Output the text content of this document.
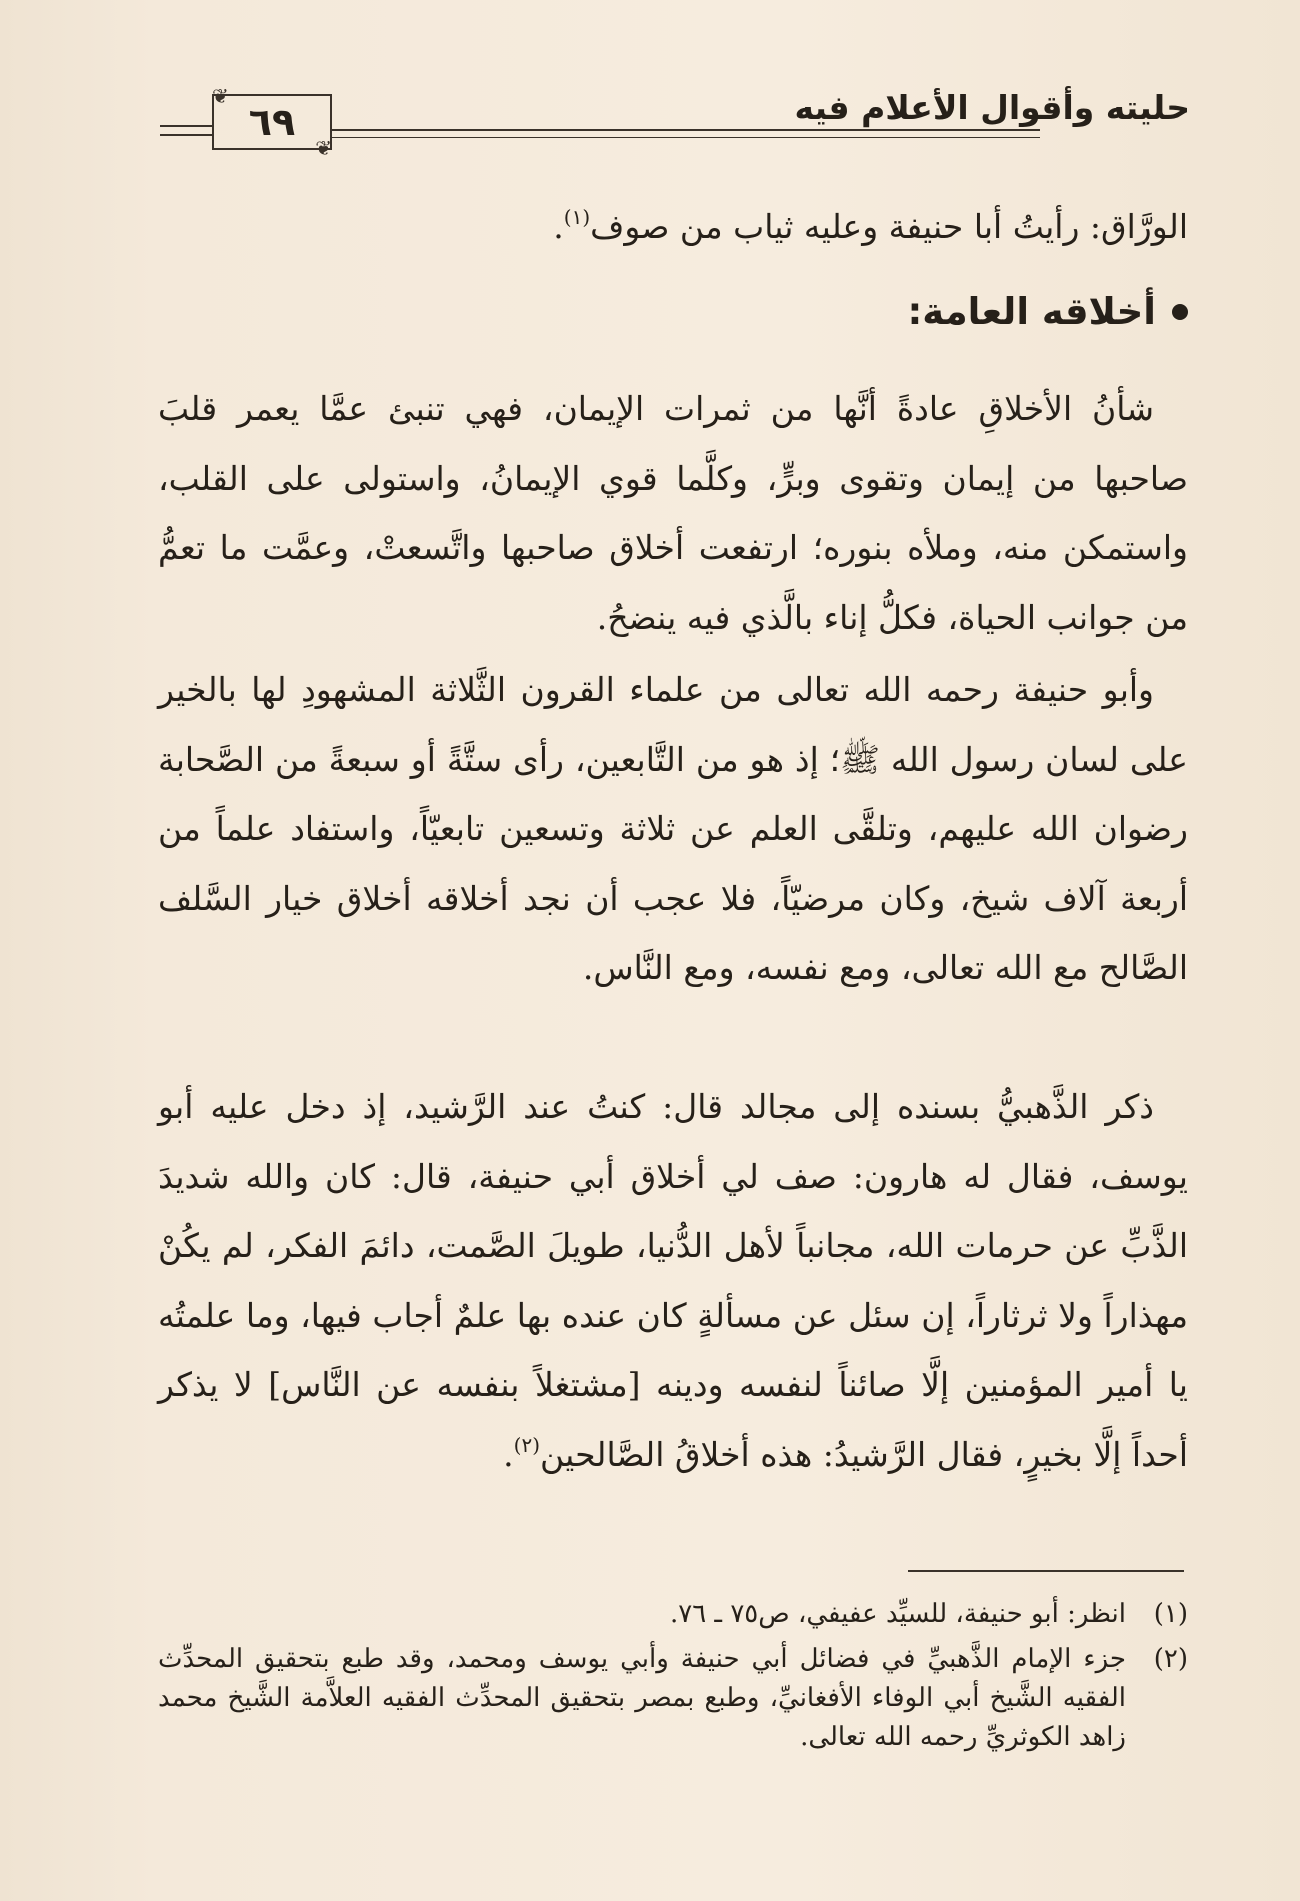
❦
٦٩
❦
حليته وأقوال الأعلام فيه

الورَّاق: رأيتُ أبا حنيفة وعليه ثياب من صوف$^{(١)}$.

أخلاقه العامة:

شأنُ الأخلاقِ عادةً أنَّها من ثمرات الإيمان، فهي تنبئ عمَّا يعمر قلبَ صاحبها من إيمان وتقوى وبرٍّ، وكلَّما قوي الإيمانُ، واستولى على القلب، واستمكن منه، وملأه بنوره؛ ارتفعت أخلاق صاحبها واتَّسعتْ، وعمَّت ما تعمُّ من جوانب الحياة، فكلُّ إناء بالَّذي فيه ينضحُ.

وأبو حنيفة رحمه الله تعالى من علماء القرون الثَّلاثة المشهودِ لها بالخير على لسان رسول الله ﷺ؛ إذ هو من التَّابعين، رأى ستَّةً أو سبعةً من الصَّحابة رضوان الله عليهم، وتلقَّى العلم عن ثلاثة وتسعين تابعيّاً، واستفاد علماً من أربعة آلاف شيخ، وكان مرضيّاً، فلا عجب أن نجد أخلاقه أخلاق خيار السَّلف الصَّالح مع الله تعالى، ومع نفسه، ومع النَّاس.

ذكر الذَّهبيُّ بسنده إلى مجالد قال: كنتُ عند الرَّشيد، إذ دخل عليه أبو يوسف، فقال له هارون: صف لي أخلاق أبي حنيفة، قال: كان والله شديدَ الذَّبِّ عن حرمات الله، مجانباً لأهل الدُّنيا، طويلَ الصَّمت، دائمَ الفكر، لم يكُنْ مهذاراً ولا ثرثاراً، إن سئل عن مسألةٍ كان عنده بها علمٌ أجاب فيها، وما علمتُه يا أمير المؤمنين إلَّا صائناً لنفسه ودينه [مشتغلاً بنفسه عن النَّاس] لا يذكر أحداً إلَّا بخيرٍ، فقال الرَّشيدُ: هذه أخلاقُ الصَّالحين$^{(٢)}$.

(١)
انظر: أبو حنيفة، للسيِّد عفيفي، ص٧٥ ـ ٧٦.
(٢)
جزء الإمام الذَّهبيِّ في فضائل أبي حنيفة وأبي يوسف ومحمد، وقد طبع بتحقيق المحدِّث الفقيه الشَّيخ أبي الوفاء الأفغانيِّ، وطبع بمصر بتحقيق المحدِّث الفقيه العلاَّمة الشَّيخ محمد زاهد الكوثريِّ رحمه الله تعالى.
